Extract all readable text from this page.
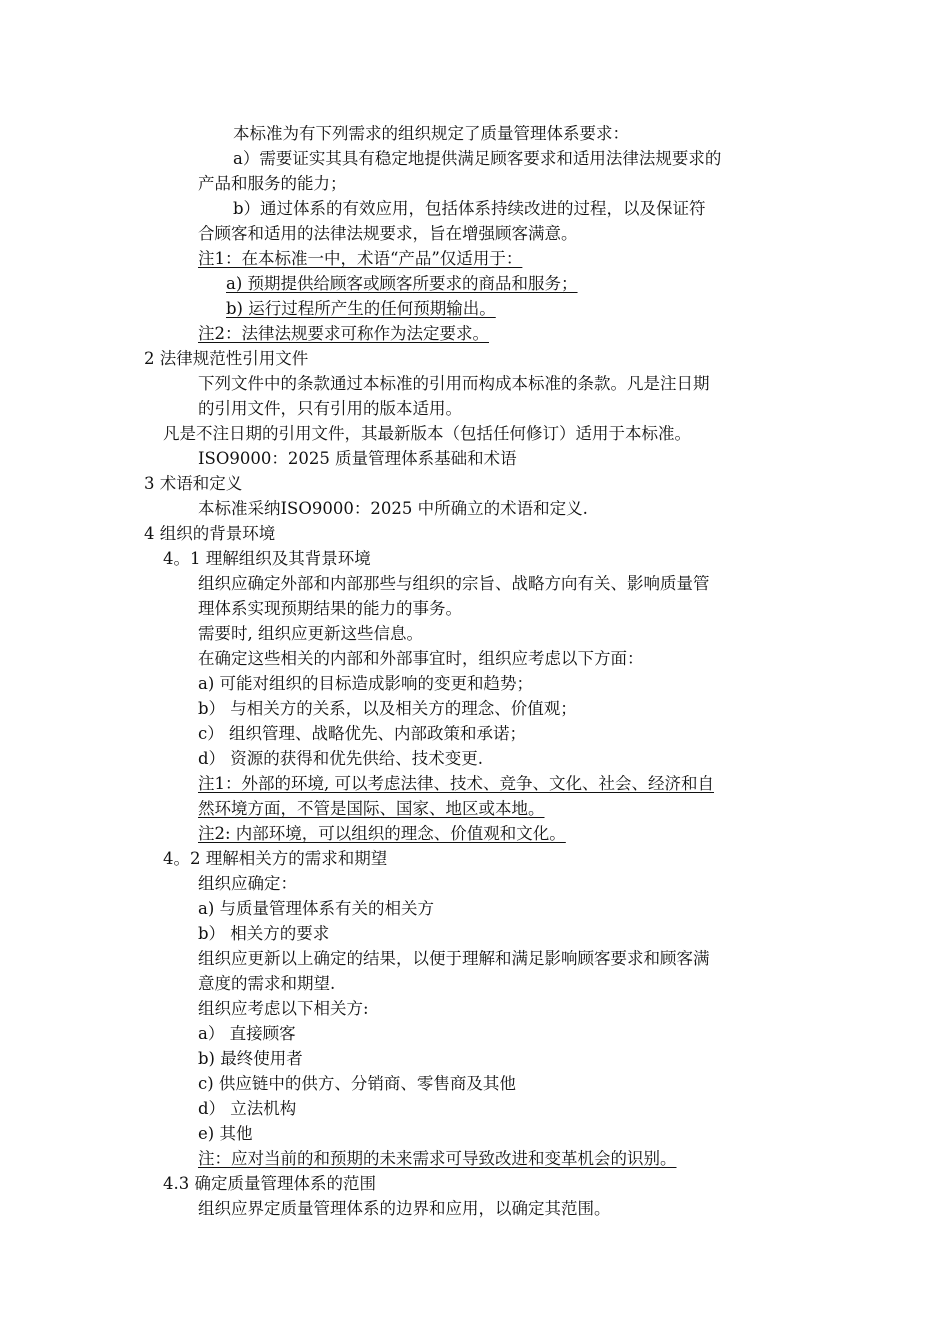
本标准为有下列需求的组织规定了质量管理体系要求：
a）需要证实其具有稳定地提供满足顾客要求和适用法律法规要求的
产品和服务的能力；
b）通过体系的有效应用，包括体系持续改进的过程，以及保证符
合顾客和适用的法律法规要求，旨在增强顾客满意。
注1：在本标准一中，术语“产品”仅适用于：
a) 预期提供给顾客或顾客所要求的商品和服务；
b) 运行过程所产生的任何预期输出。
注2：法律法规要求可称作为法定要求。
2 法律规范性引用文件
下列文件中的条款通过本标准的引用而构成本标准的条款。凡是注日期
的引用文件，只有引用的版本适用。
凡是不注日期的引用文件，其最新版本（包括任何修订）适用于本标准。
ISO9000：2025 质量管理体系基础和术语
3 术语和定义
本标准采纳ISO9000：2025 中所确立的术语和定义.
4 组织的背景环境
4。1 理解组织及其背景环境
组织应确定外部和内部那些与组织的宗旨、战略方向有关、影响质量管
理体系实现预期结果的能力的事务。
需要时, 组织应更新这些信息。
在确定这些相关的内部和外部事宜时，组织应考虑以下方面：
a) 可能对组织的目标造成影响的变更和趋势；
b） 与相关方的关系，以及相关方的理念、价值观；
c） 组织管理、战略优先、内部政策和承诺；
d） 资源的获得和优先供给、技术变更.
注1：外部的环境, 可以考虑法律、技术、竞争、文化、社会、经济和自
然环境方面，不管是国际、国家、地区或本地。
注2: 内部环境，可以组织的理念、价值观和文化。
4。2 理解相关方的需求和期望
组织应确定：
a) 与质量管理体系有关的相关方
b） 相关方的要求
组织应更新以上确定的结果，以便于理解和满足影响顾客要求和顾客满
意度的需求和期望.
组织应考虑以下相关方:
a） 直接顾客
b) 最终使用者
c) 供应链中的供方、分销商、零售商及其他
d） 立法机构
e) 其他
注：应对当前的和预期的未来需求可导致改进和变革机会的识别。
4.3 确定质量管理体系的范围
组织应界定质量管理体系的边界和应用，以确定其范围。
